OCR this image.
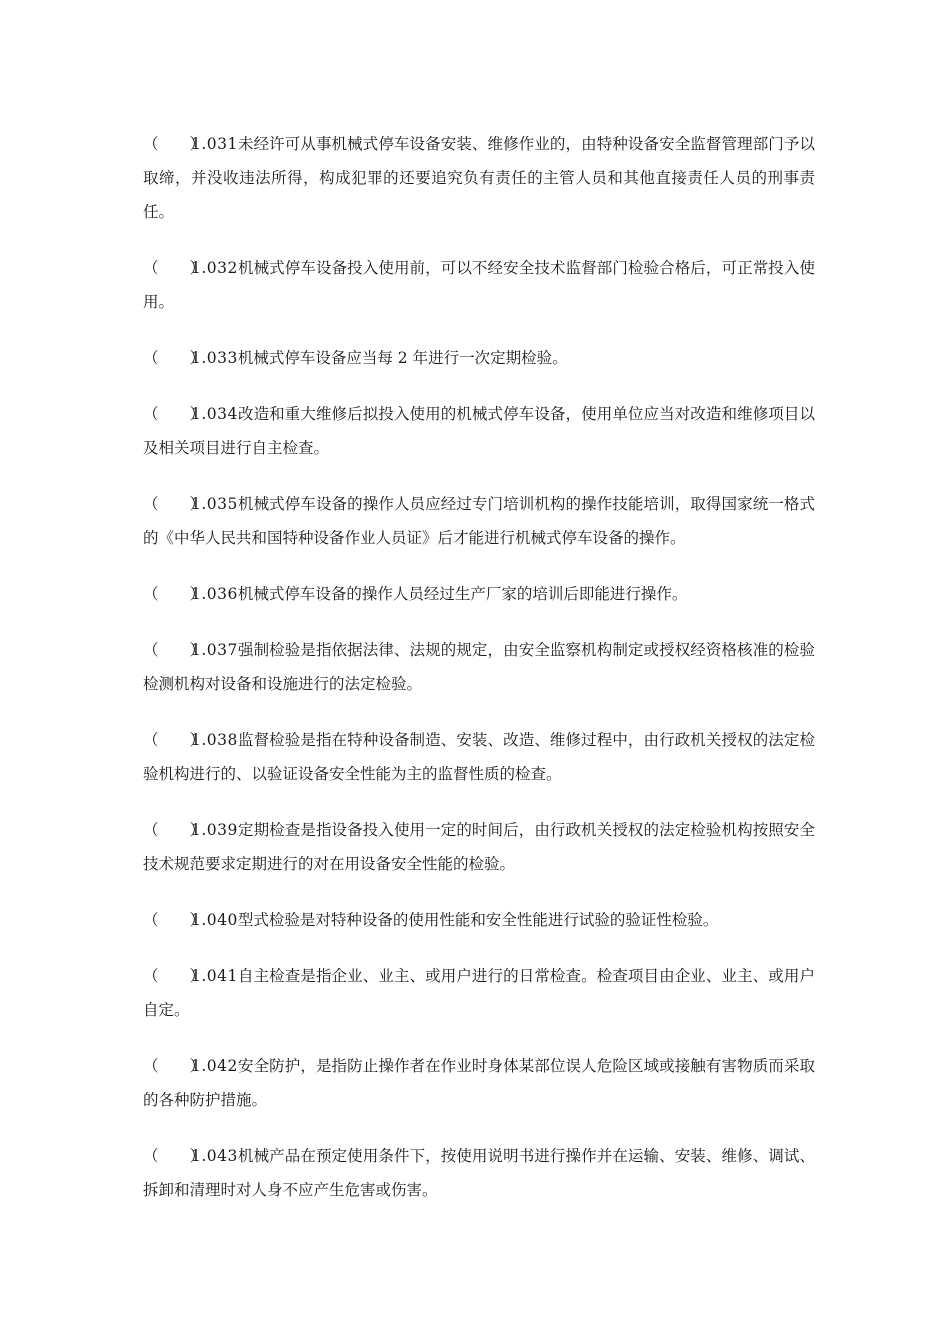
（　　）1.031未经许可从事机械式停车设备安装、维修作业的，由特种设备安全监督管理部门予以取缔，并没收违法所得，构成犯罪的还要追究负有责任的主管人员和其他直接责任人员的刑事责任。

（　　）1.032机械式停车设备投入使用前，可以不经安全技术监督部门检验合格后，可正常投入使用。

（　　）1.033机械式停车设备应当每 2 年进行一次定期检验。

（　　）1.034改造和重大维修后拟投入使用的机械式停车设备，使用单位应当对改造和维修项目以及相关项目进行自主检查。

（　　）1.035机械式停车设备的操作人员应经过专门培训机构的操作技能培训，取得国家统一格式的《中华人民共和国特种设备作业人员证》后才能进行机械式停车设备的操作。

（　　）1.036机械式停车设备的操作人员经过生产厂家的培训后即能进行操作。

（　　）1.037强制检验是指依据法律、法规的规定，由安全监察机构制定或授权经资格核准的检验检测机构对设备和设施进行的法定检验。

（　　）1.038监督检验是指在特种设备制造、安装、改造、维修过程中，由行政机关授权的法定检验机构进行的、以验证设备安全性能为主的监督性质的检查。

（　　）1.039定期检查是指设备投入使用一定的时间后，由行政机关授权的法定检验机构按照安全技术规范要求定期进行的对在用设备安全性能的检验。

（　　）1.040型式检验是对特种设备的使用性能和安全性能进行试验的验证性检验。

（　　）1.041自主检查是指企业、业主、或用户进行的日常检查。检查项目由企业、业主、或用户自定。

（　　）1.042安全防护，是指防止操作者在作业时身体某部位误人危险区域或接触有害物质而采取的各种防护措施。

（　　）1.043机械产品在预定使用条件下，按使用说明书进行操作并在运输、安装、维修、调试、拆卸和清理时对人身不应产生危害或伤害。
